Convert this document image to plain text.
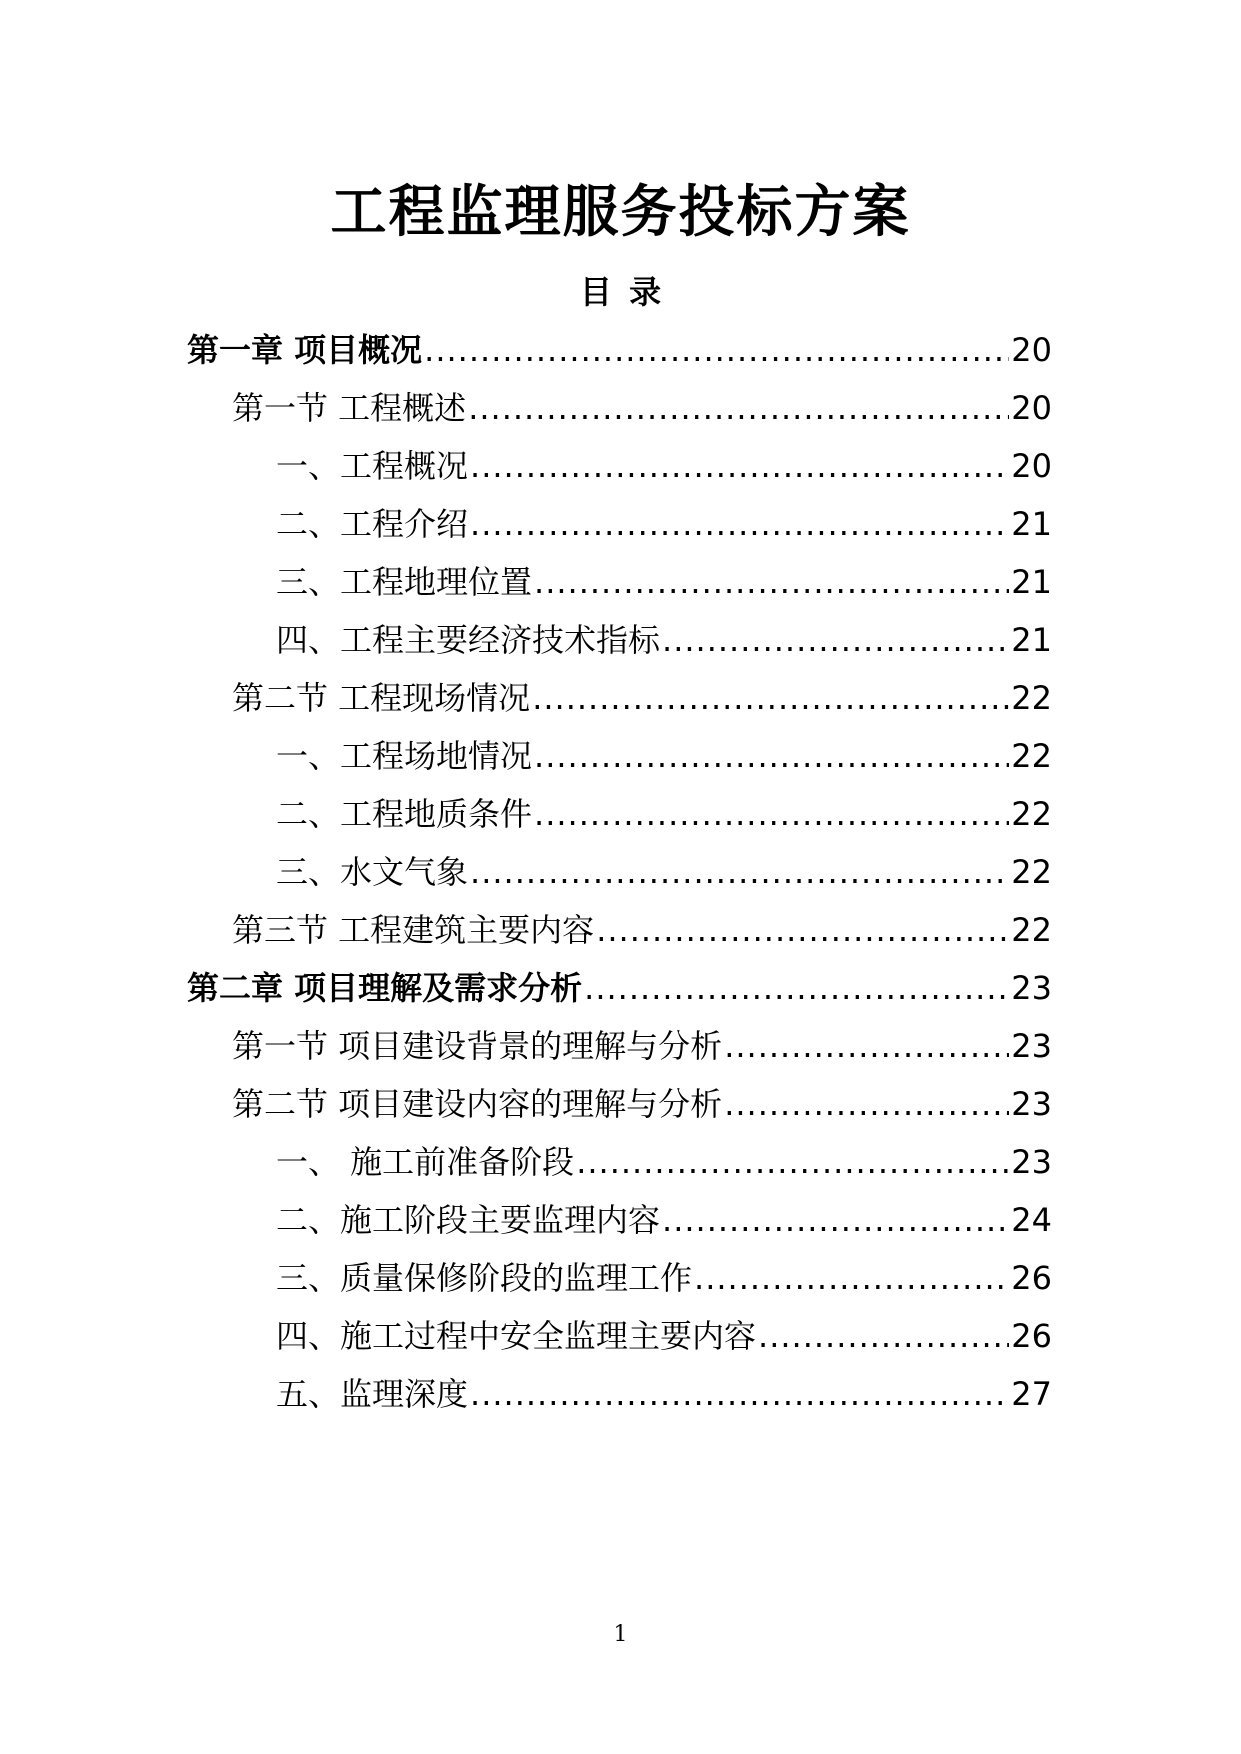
工程监理服务投标方案
目 录
第一章 项目概况 .....	20
第一节 工程概述 .....	20
一、工程概况 .....	20
二、工程介绍 .....	21
三、工程地理位置 .....	21
四、工程主要经济技术指标 .....	21
第二节 工程现场情况 .....	22
一、工程场地情况 .....	22
二、工程地质条件 .....	22
三、水文气象 .....	22
第三节 工程建筑主要内容 .....	22
第二章 项目理解及需求分析 .....	23
第一节 项目建设背景的理解与分析 .....	23
第二节 项目建设内容的理解与分析 .....	23
一、 施工前准备阶段 .....	23
二、施工阶段主要监理内容 .....	24
三、质量保修阶段的监理工作 .....	26
四、施工过程中安全监理主要内容 .....	26
五、监理深度 .....	27
1
